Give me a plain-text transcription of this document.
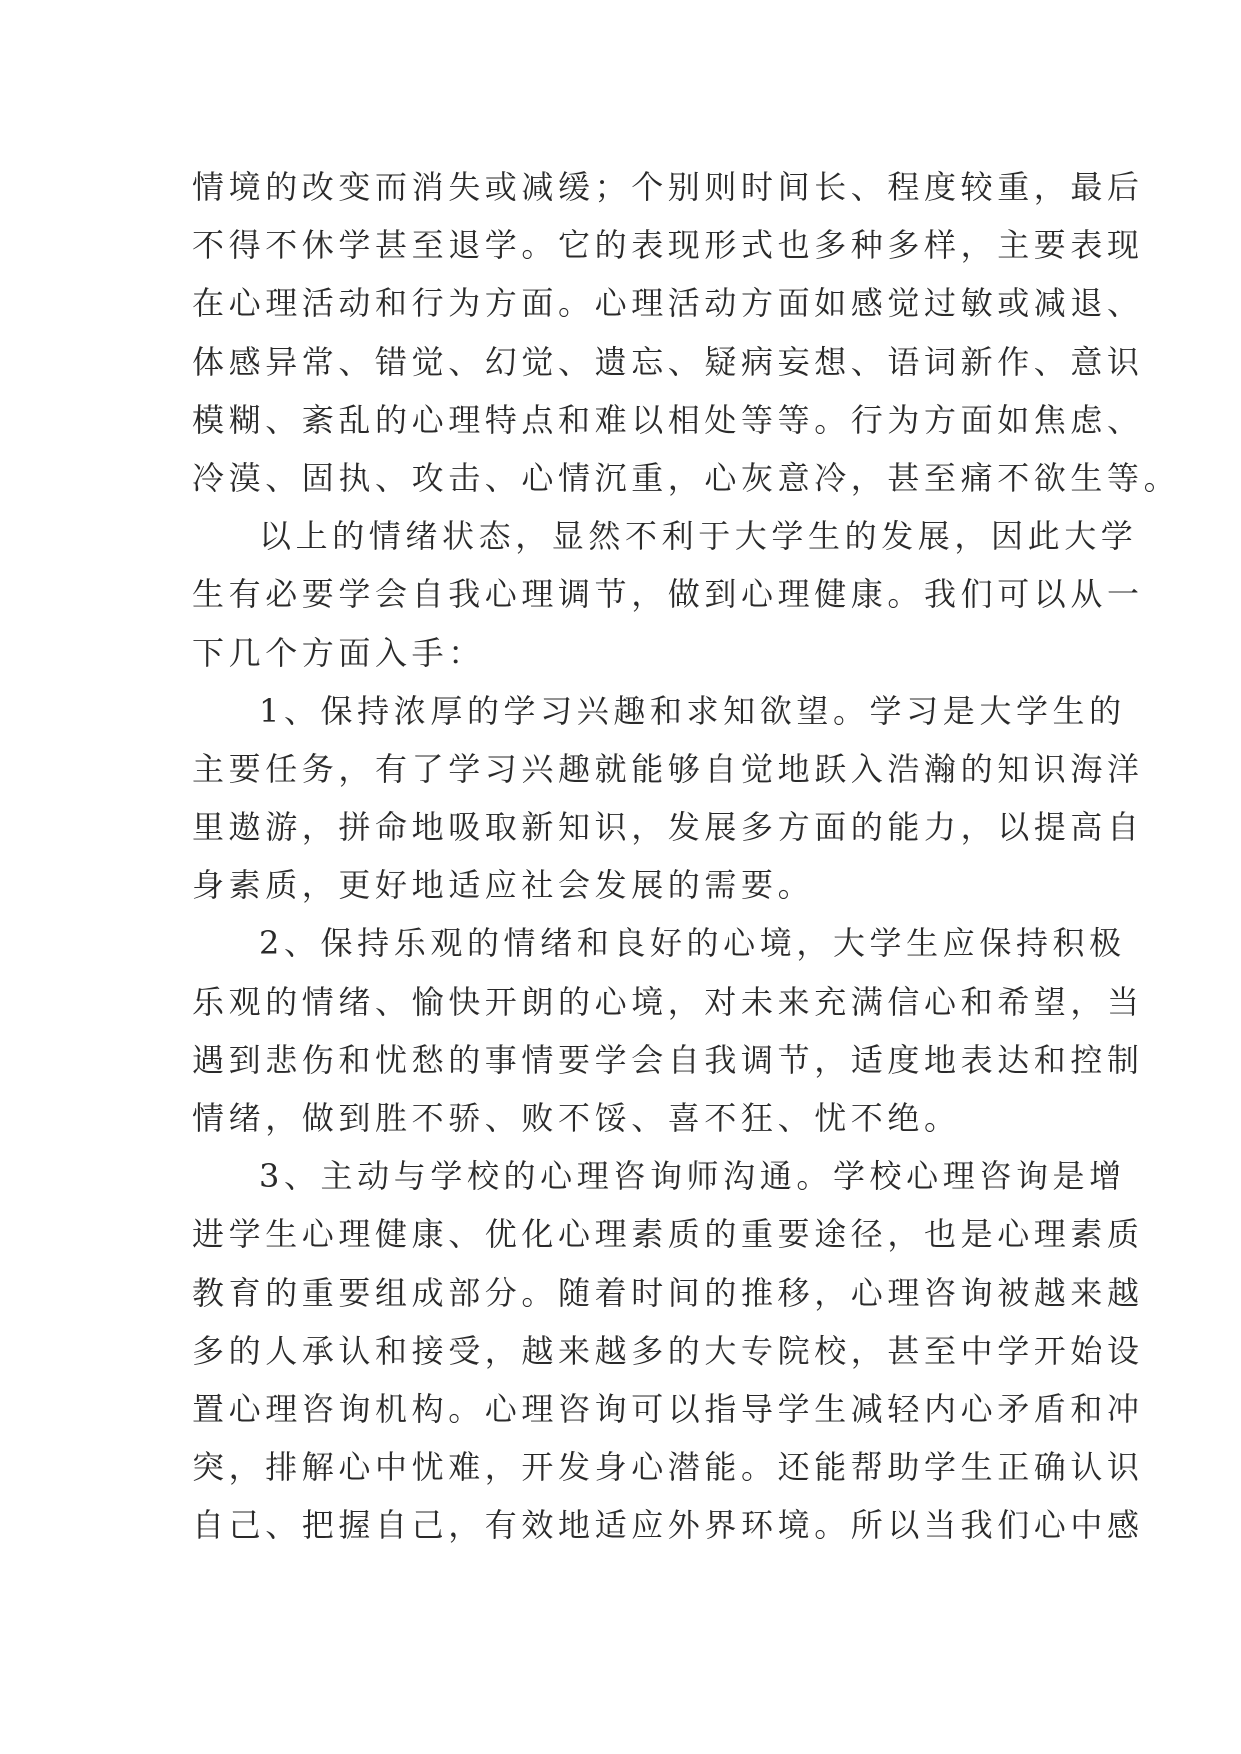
情境的改变而消失或减缓；个别则时间长、程度较重，最后
不得不休学甚至退学。它的表现形式也多种多样，主要表现
在心理活动和行为方面。心理活动方面如感觉过敏或减退、
体感异常、错觉、幻觉、遗忘、疑病妄想、语词新作、意识
模糊、紊乱的心理特点和难以相处等等。行为方面如焦虑、
冷漠、固执、攻击、心情沉重，心灰意冷，甚至痛不欲生等。
以上的情绪状态，显然不利于大学生的发展，因此大学
生有必要学会自我心理调节，做到心理健康。我们可以从一
下几个方面入手：
1、保持浓厚的学习兴趣和求知欲望。学习是大学生的
主要任务，有了学习兴趣就能够自觉地跃入浩瀚的知识海洋
里遨游，拼命地吸取新知识，发展多方面的能力，以提高自
身素质，更好地适应社会发展的需要。
2、保持乐观的情绪和良好的心境，大学生应保持积极
乐观的情绪、愉快开朗的心境，对未来充满信心和希望，当
遇到悲伤和忧愁的事情要学会自我调节，适度地表达和控制
情绪，做到胜不骄、败不馁、喜不狂、忧不绝。
3、主动与学校的心理咨询师沟通。学校心理咨询是增
进学生心理健康、优化心理素质的重要途径，也是心理素质
教育的重要组成部分。随着时间的推移，心理咨询被越来越
多的人承认和接受，越来越多的大专院校，甚至中学开始设
置心理咨询机构。心理咨询可以指导学生减轻内心矛盾和冲
突，排解心中忧难，开发身心潜能。还能帮助学生正确认识
自己、把握自己，有效地适应外界环境。所以当我们心中感
